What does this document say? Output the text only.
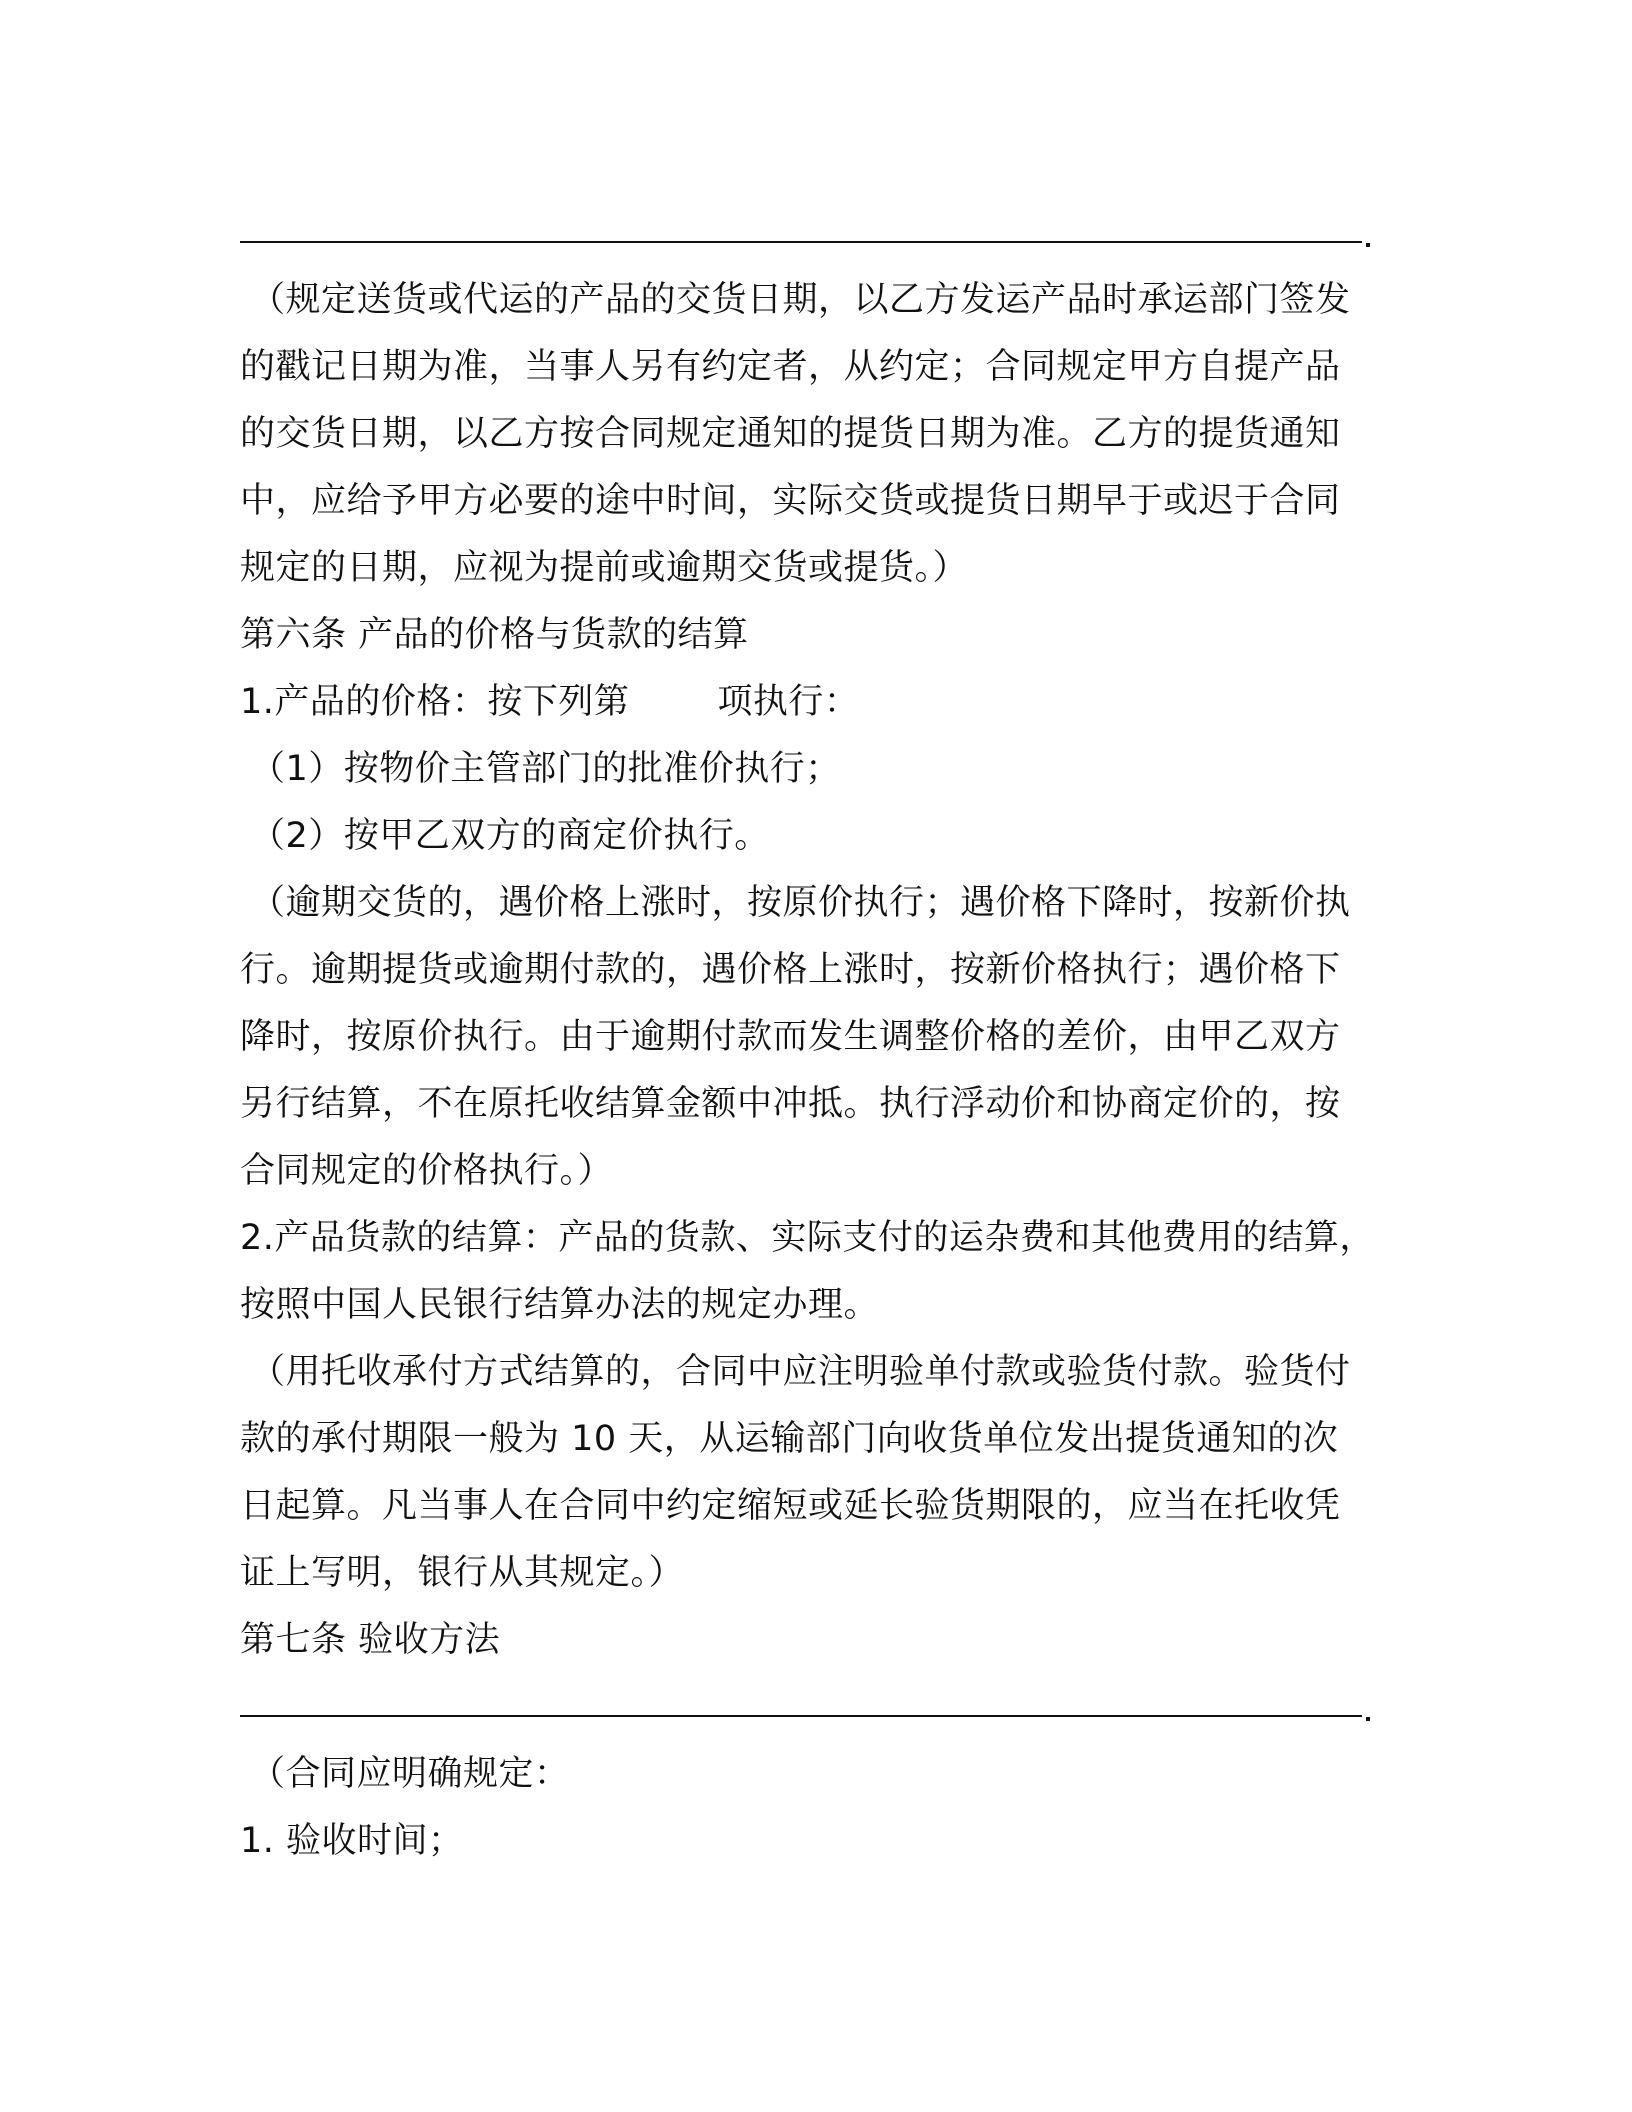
（规定送货或代运的产品的交货日期，以乙方发运产品时承运部门签发
的戳记日期为准，当事人另有约定者，从约定；合同规定甲方自提产品
的交货日期，以乙方按合同规定通知的提货日期为准。乙方的提货通知
中，应给予甲方必要的途中时间，实际交货或提货日期早于或迟于合同
规定的日期，应视为提前或逾期交货或提货。）
第六条 产品的价格与货款的结算
1.产品的价格：按下列第	项执行：
（1）按物价主管部门的批准价执行；
（2）按甲乙双方的商定价执行。
（逾期交货的，遇价格上涨时，按原价执行；遇价格下降时，按新价执
行。逾期提货或逾期付款的，遇价格上涨时，按新价格执行；遇价格下
降时，按原价执行。由于逾期付款而发生调整价格的差价，由甲乙双方
另行结算，不在原托收结算金额中冲抵。执行浮动价和协商定价的，按
合同规定的价格执行。）
2.产品货款的结算：产品的货款、实际支付的运杂费和其他费用的结算，
按照中国人民银行结算办法的规定办理。
（用托收承付方式结算的，合同中应注明验单付款或验货付款。验货付
款的承付期限一般为 10 天，从运输部门向收货单位发出提货通知的次
日起算。凡当事人在合同中约定缩短或延长验货期限的，应当在托收凭
证上写明，银行从其规定。）
第七条 验收方法
（合同应明确规定：
1. 验收时间；
